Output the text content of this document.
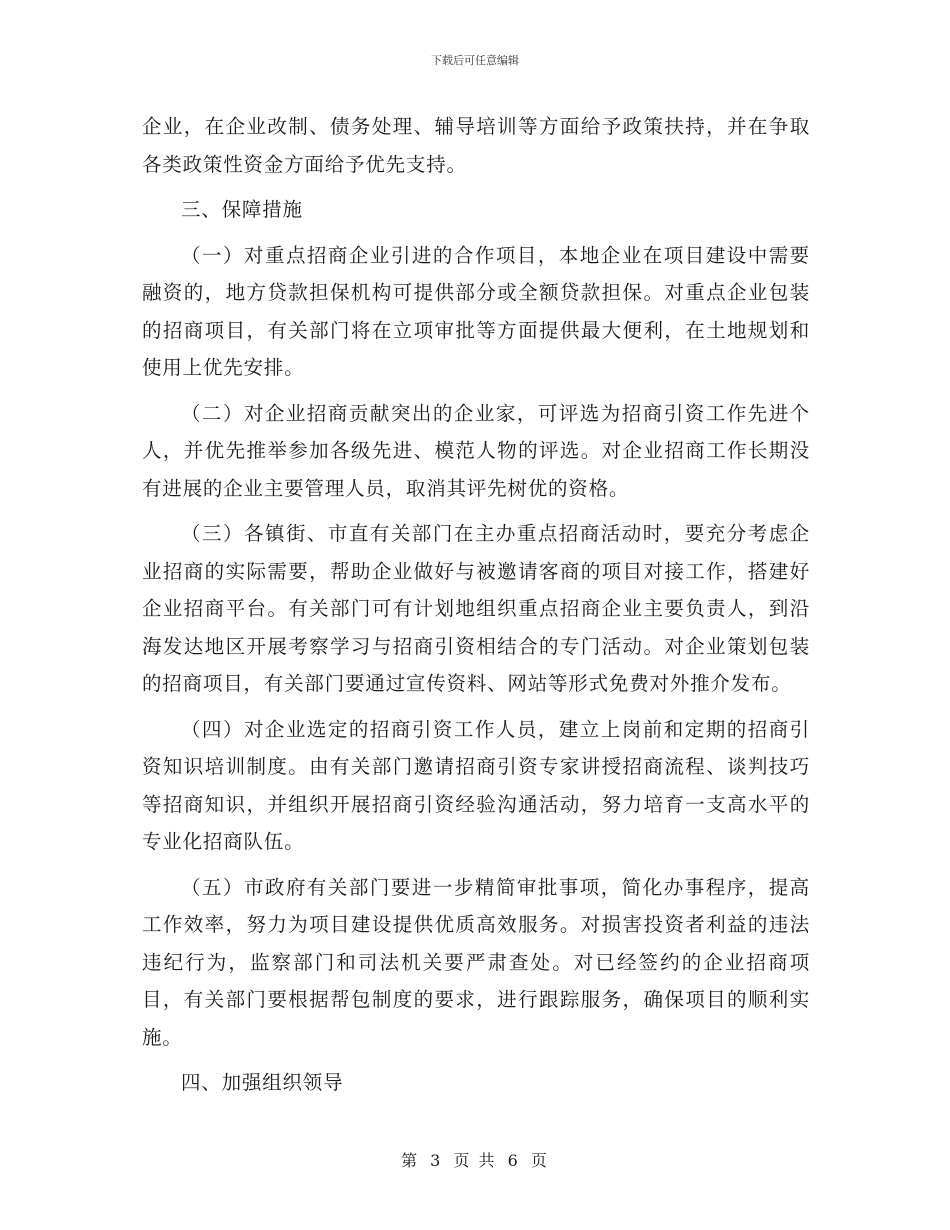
下载后可任意编辑

企业，在企业改制、债务处理、辅导培训等方面给予政策扶持，并在争取各类政策性资金方面给予优先支持。

三、保障措施

（一）对重点招商企业引进的合作项目，本地企业在项目建设中需要融资的，地方贷款担保机构可提供部分或全额贷款担保。对重点企业包装的招商项目，有关部门将在立项审批等方面提供最大便利，在土地规划和使用上优先安排。

（二）对企业招商贡献突出的企业家，可评选为招商引资工作先进个人，并优先推举参加各级先进、模范人物的评选。对企业招商工作长期没有进展的企业主要管理人员，取消其评先树优的资格。

（三）各镇街、市直有关部门在主办重点招商活动时，要充分考虑企业招商的实际需要，帮助企业做好与被邀请客商的项目对接工作，搭建好企业招商平台。有关部门可有计划地组织重点招商企业主要负责人，到沿海发达地区开展考察学习与招商引资相结合的专门活动。对企业策划包装的招商项目，有关部门要通过宣传资料、网站等形式免费对外推介发布。

（四）对企业选定的招商引资工作人员，建立上岗前和定期的招商引资知识培训制度。由有关部门邀请招商引资专家讲授招商流程、谈判技巧等招商知识，并组织开展招商引资经验沟通活动，努力培育一支高水平的专业化招商队伍。

（五）市政府有关部门要进一步精简审批事项，简化办事程序，提高工作效率，努力为项目建设提供优质高效服务。对损害投资者利益的违法违纪行为，监察部门和司法机关要严肃查处。对已经签约的企业招商项目，有关部门要根据帮包制度的要求，进行跟踪服务，确保项目的顺利实施。

四、加强组织领导

第 3 页 共 6 页
